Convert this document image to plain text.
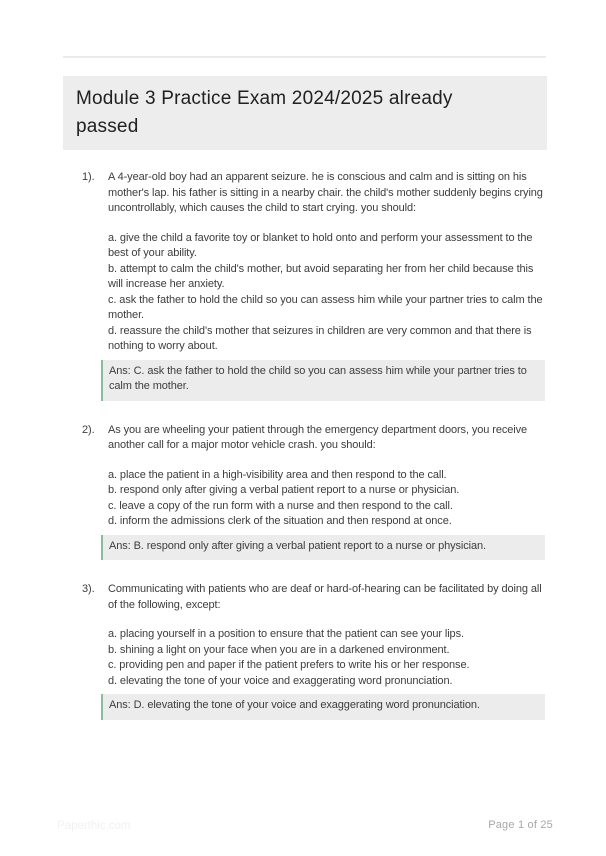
Module 3 Practice Exam 2024/2025 already passed
1).	A 4-year-old boy had an apparent seizure. he is conscious and calm and is sitting on his mother's lap. his father is sitting in a nearby chair. the child's mother suddenly begins crying uncontrollably, which causes the child to start crying. you should:
a. give the child a favorite toy or blanket to hold onto and perform your assessment to the best of your ability.
b. attempt to calm the child's mother, but avoid separating her from her child because this will increase her anxiety.
c. ask the father to hold the child so you can assess him while your partner tries to calm the mother.
d. reassure the child's mother that seizures in children are very common and that there is nothing to worry about.
Ans: C. ask the father to hold the child so you can assess him while your partner tries to calm the mother.
2).	As you are wheeling your patient through the emergency department doors, you receive another call for a major motor vehicle crash. you should:
a. place the patient in a high-visibility area and then respond to the call.
b. respond only after giving a verbal patient report to a nurse or physician.
c. leave a copy of the run form with a nurse and then respond to the call.
d. inform the admissions clerk of the situation and then respond at once.
Ans: B. respond only after giving a verbal patient report to a nurse or physician.
3).	Communicating with patients who are deaf or hard-of-hearing can be facilitated by doing all of the following, except:
a. placing yourself in a position to ensure that the patient can see your lips.
b. shining a light on your face when you are in a darkened environment.
c. providing pen and paper if the patient prefers to write his or her response.
d. elevating the tone of your voice and exaggerating word pronunciation.
Ans: D. elevating the tone of your voice and exaggerating word pronunciation.
Paperthic.com	Page 1 of 25
